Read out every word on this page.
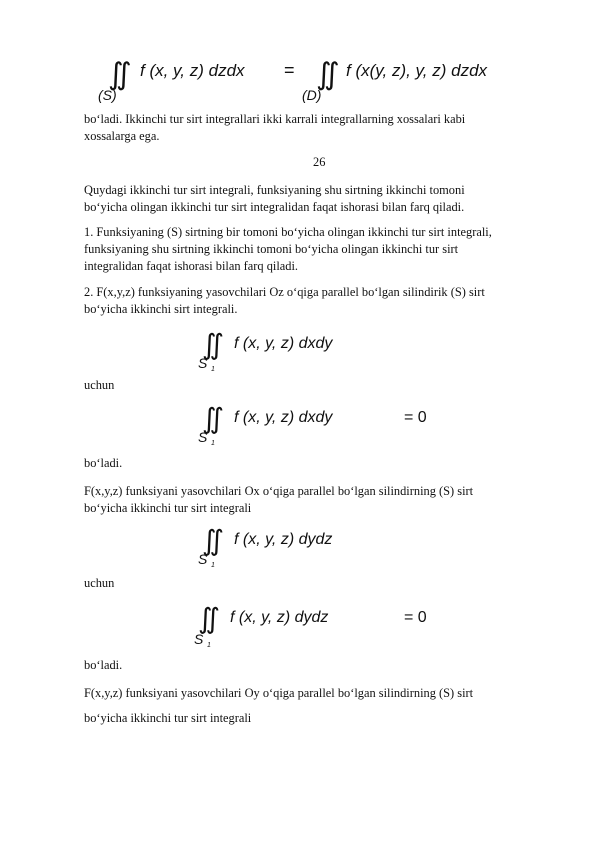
∬ f (x, y, z) dzdx
(S)
= ∬ f (x(y, z), y, z) dzdx
(D)

bo‘ladi. Ikkinchi tur sirt integrallari ikki karrali integrallarning xossalari kabi

xossalarga ega.

26

Quydagi ikkinchi tur sirt integrali, funksiyaning shu sirtning ikkinchi tomoni

bo‘yicha olingan ikkinchi tur sirt integralidan faqat ishorasi bilan farq qiladi.

1. Funksiyaning (S) sirtning bir tomoni bo‘yicha olingan ikkinchi tur sirt integrali,

funksiyaning shu sirtning ikkinchi tomoni bo‘yicha olingan ikkinchi tur sirt

integralidan faqat ishorasi bilan farq qiladi.

2. F(x,y,z) funksiyaning yasovchilari Oz o‘qiga parallel bo‘lgan silindirik (S) sirt

bo‘yicha ikkinchi sirt integrali.

∬ f (x, y, z) dxdy
S 1

uchun

∬ f (x, y, z) dxdy	= 0
S 1

bo‘ladi.

F(x,y,z) funksiyani yasovchilari Ox o‘qiga parallel bo‘lgan silindirning (S) sirt

bo‘yicha ikkinchi tur sirt integrali

∬ f (x, y, z) dydz
S 1

uchun

∬ f (x, y, z) dydz	= 0
S 1

bo‘ladi.

F(x,y,z) funksiyani yasovchilari Oy o‘qiga parallel bo‘lgan silindirning (S) sirt

bo‘yicha ikkinchi tur sirt integrali
